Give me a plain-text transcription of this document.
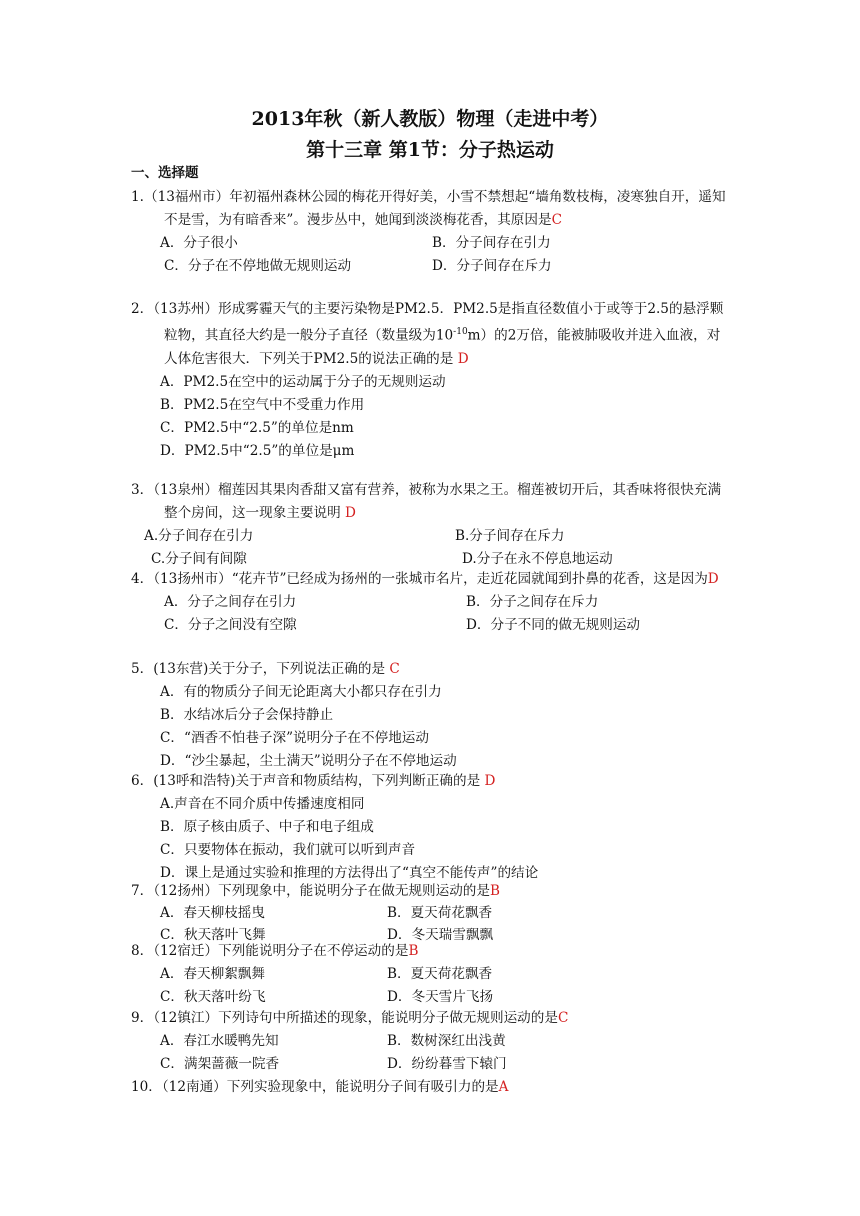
2013年秋（新人教版）物理（走进中考）
第十三章 第1节：分子热运动
一、选择题
1.（13福州市）年初福州森林公园的梅花开得好美，小雪不禁想起“墙角数枝梅，凌寒独自开，遥知不是雪，为有暗香来”。漫步丛中，她闻到淡淡梅花香，其原因是C
A．分子很小	B．分子间存在引力
C．分子在不停地做无规则运动	D．分子间存在斥力
2．（13苏州）形成雾霾天气的主要污染物是PM2.5．PM2.5是指直径数值小于或等于2.5的悬浮颗粒物，其直径大约是一般分子直径（数量级为$10^{-10}m$）的2万倍，能被肺吸收并进入血液，对人体危害很大．下列关于PM2.5的说法正确的是 D
A．PM2.5在空中的运动属于分子的无规则运动
B．PM2.5在空气中不受重力作用
C．PM2.5中“2.5”的单位是nm
D．PM2.5中“2.5”的单位是μm
3．（13泉州）榴莲因其果肉香甜又富有营养，被称为水果之王。榴莲被切开后，其香味将很快充满整个房间，这一现象主要说明 D
A.分子间存在引力	B.分子间存在斥力
C.分子间有间隙	D.分子在永不停息地运动
4．（13扬州市）“花卉节”已经成为扬州的一张城市名片，走近花园就闻到扑鼻的花香，这是因为D
A．分子之间存在引力	B．分子之间存在斥力
C．分子之间没有空隙	D．分子不同的做无规则运动
5．(13东营)关于分子，下列说法正确的是 C
A．有的物质分子间无论距离大小都只存在引力
B．水结冰后分子会保持静止
C．“酒香不怕巷子深”说明分子在不停地运动
D．“沙尘暴起，尘土满天”说明分子在不停地运动
6．(13呼和浩特)关于声音和物质结构，下列判断正确的是 D
A.声音在不同介质中传播速度相同
B．原子核由质子、中子和电子组成
C．只要物体在振动，我们就可以听到声音
D．课上是通过实验和推理的方法得出了“真空不能传声”的结论
7．（12扬州）下列现象中，能说明分子在做无规则运动的是B
A．春天柳枝摇曳	B．夏天荷花飘香
C．秋天落叶飞舞	D．冬天瑞雪飘飘
8．（12宿迁）下列能说明分子在不停运动的是B
A．春天柳絮飘舞	B．夏天荷花飘香
C．秋天落叶纷飞	D．冬天雪片飞扬
9．（12镇江）下列诗句中所描述的现象，能说明分子做无规则运动的是C
A．春江水暖鸭先知	B．数树深红出浅黄
C．满架蔷薇一院香	D．纷纷暮雪下辕门
10．（12南通）下列实验现象中，能说明分子间有吸引力的是A
